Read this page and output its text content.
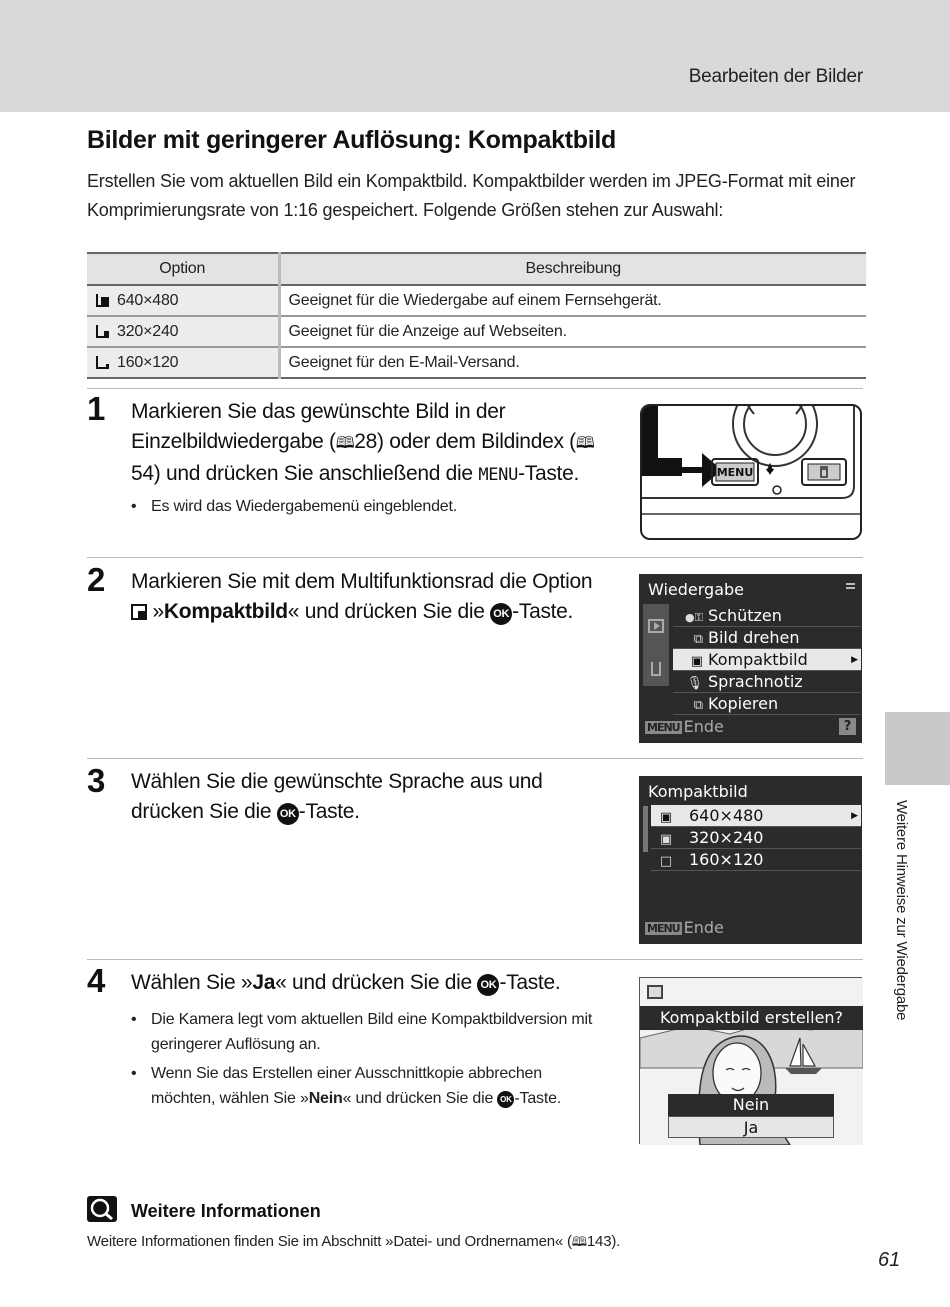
Bearbeiten der Bilder
Bilder mit geringerer Auflösung: Kompaktbild
Erstellen Sie vom aktuellen Bild ein Kompaktbild. Kompaktbilder werden im JPEG-Format mit einer Komprimierungsrate von 1:16 gespeichert. Folgende Größen stehen zur Auswahl:
Option	Beschreibung
640×480	Geeignet für die Wiedergabe auf einem Fernsehgerät.
320×240	Geeignet für die Anzeige auf Webseiten.
160×120	Geeignet für den E-Mail-Versand.
1 Markieren Sie das gewünschte Bild in der Einzelbildwiedergabe (🕮28) oder dem Bildindex (🕮54) und drücken Sie anschließend die MENU-Taste.
• Es wird das Wiedergabemenü eingeblendet.
MENU
2 Markieren Sie mit dem Multifunktionsrad die Option

»Kompaktbild« und drücken Sie die OK -Taste.
Wiedergabe
●⚿ Schützen
⧉ Bild drehen
▣ Kompaktbild	▶
🎙 Sprachnotiz
⧉ Kopieren
MENU Ende	?
3 Wählen Sie die gewünschte Sprache aus und drücken Sie die OK -Taste.
Kompaktbild
▣ 640×480	▶
▣ 320×240
□ 160×120
MENU Ende
4 Wählen Sie »Ja« und drücken Sie die OK -Taste.
• Die Kamera legt vom aktuellen Bild eine Kompaktbildversion mit geringerer Auflösung an.
• Wenn Sie das Erstellen einer Ausschnittkopie abbrechen möchten, wählen Sie »Nein« und drücken Sie die OK -Taste.
Kompaktbild erstellen?
Nein
Ja
Weitere Informationen
Weitere Informationen finden Sie im Abschnitt »Datei- und Ordnernamen« (🕮143).
Weitere Hinweise zur Wiedergabe
61
